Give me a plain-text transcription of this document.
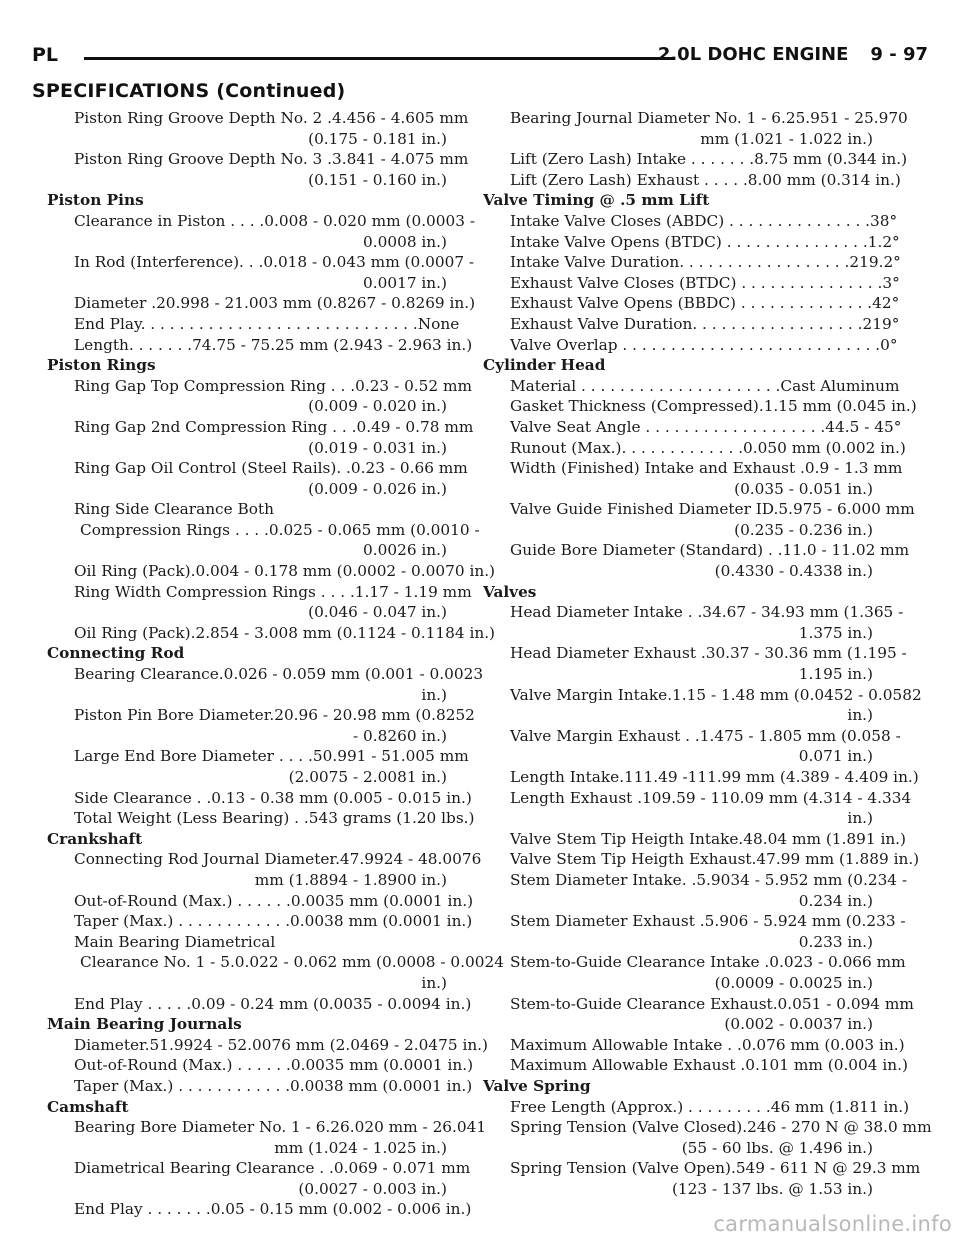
PL	2.0L DOHC ENGINE 9 - 97
SPECIFICATIONS (Continued)
Piston Ring Groove Depth No. 2 .4.456 - 4.605 mm
(0.175 - 0.181 in.)
Piston Ring Groove Depth No. 3 .3.841 - 4.075 mm
(0.151 - 0.160 in.)
Piston Pins
Clearance in Piston . . . .0.008 - 0.020 mm (0.0003 -
0.0008 in.)
In Rod (Interference). . .0.018 - 0.043 mm (0.0007 -
0.0017 in.)
Diameter .20.998 - 21.003 mm (0.8267 - 0.8269 in.)
End Play. . . . . . . . . . . . . . . . . . . . . . . . . . . . .None
Length. . . . . . .74.75 - 75.25 mm (2.943 - 2.963 in.)
Piston Rings
Ring Gap Top Compression Ring . . .0.23 - 0.52 mm
(0.009 - 0.020 in.)
Ring Gap 2nd Compression Ring . . .0.49 - 0.78 mm
(0.019 - 0.031 in.)
Ring Gap Oil Control (Steel Rails). .0.23 - 0.66 mm
(0.009 - 0.026 in.)
Ring Side Clearance Both
Compression Rings . . . .0.025 - 0.065 mm (0.0010 -
0.0026 in.)
Oil Ring (Pack).0.004 - 0.178 mm (0.0002 - 0.0070 in.)
Ring Width Compression Rings . . . .1.17 - 1.19 mm
(0.046 - 0.047 in.)
Oil Ring (Pack).2.854 - 3.008 mm (0.1124 - 0.1184 in.)
Connecting Rod
Bearing Clearance.0.026 - 0.059 mm (0.001 - 0.0023
in.)
Piston Pin Bore Diameter.20.96 - 20.98 mm (0.8252
- 0.8260 in.)
Large End Bore Diameter . . . .50.991 - 51.005 mm
(2.0075 - 2.0081 in.)
Side Clearance . .0.13 - 0.38 mm (0.005 - 0.015 in.)
Total Weight (Less Bearing) . .543 grams (1.20 lbs.)
Crankshaft
Connecting Rod Journal Diameter.47.9924 - 48.0076
mm (1.8894 - 1.8900 in.)
Out-of-Round (Max.) . . . . . .0.0035 mm (0.0001 in.)
Taper (Max.) . . . . . . . . . . . .0.0038 mm (0.0001 in.)
Main Bearing Diametrical
Clearance No. 1 - 5.0.022 - 0.062 mm (0.0008 - 0.0024
in.)
End Play . . . . .0.09 - 0.24 mm (0.0035 - 0.0094 in.)
Main Bearing Journals
Diameter.51.9924 - 52.0076 mm (2.0469 - 2.0475 in.)
Out-of-Round (Max.) . . . . . .0.0035 mm (0.0001 in.)
Taper (Max.) . . . . . . . . . . . .0.0038 mm (0.0001 in.)
Camshaft
Bearing Bore Diameter No. 1 - 6.26.020 mm - 26.041
mm (1.024 - 1.025 in.)
Diametrical Bearing Clearance . .0.069 - 0.071 mm
(0.0027 - 0.003 in.)
End Play . . . . . . .0.05 - 0.15 mm (0.002 - 0.006 in.)
Bearing Journal Diameter No. 1 - 6.25.951 - 25.970
mm (1.021 - 1.022 in.)
Lift (Zero Lash) Intake . . . . . . .8.75 mm (0.344 in.)
Lift (Zero Lash) Exhaust . . . . .8.00 mm (0.314 in.)
Valve Timing @ .5 mm Lift
Intake Valve Closes (ABDC) . . . . . . . . . . . . . . .38°
Intake Valve Opens (BTDC) . . . . . . . . . . . . . . .1.2°
Intake Valve Duration. . . . . . . . . . . . . . . . . .219.2°
Exhaust Valve Closes (BTDC) . . . . . . . . . . . . . . .3°
Exhaust Valve Opens (BBDC) . . . . . . . . . . . . . .42°
Exhaust Valve Duration. . . . . . . . . . . . . . . . . .219°
Valve Overlap . . . . . . . . . . . . . . . . . . . . . . . . . . .0°
Cylinder Head
Material . . . . . . . . . . . . . . . . . . . . .Cast Aluminum
Gasket Thickness (Compressed).1.15 mm (0.045 in.)
Valve Seat Angle . . . . . . . . . . . . . . . . . . .44.5 - 45°
Runout (Max.). . . . . . . . . . . . .0.050 mm (0.002 in.)
Width (Finished) Intake and Exhaust .0.9 - 1.3 mm
(0.035 - 0.051 in.)
Valve Guide Finished Diameter ID.5.975 - 6.000 mm
(0.235 - 0.236 in.)
Guide Bore Diameter (Standard) . .11.0 - 11.02 mm
(0.4330 - 0.4338 in.)
Valves
Head Diameter Intake . .34.67 - 34.93 mm (1.365 -
1.375 in.)
Head Diameter Exhaust .30.37 - 30.36 mm (1.195 -
1.195 in.)
Valve Margin Intake.1.15 - 1.48 mm (0.0452 - 0.0582
in.)
Valve Margin Exhaust . .1.475 - 1.805 mm (0.058 -
0.071 in.)
Length Intake.111.49 -111.99 mm (4.389 - 4.409 in.)
Length Exhaust .109.59 - 110.09 mm (4.314 - 4.334
in.)
Valve Stem Tip Heigth Intake.48.04 mm (1.891 in.)
Valve Stem Tip Heigth Exhaust.47.99 mm (1.889 in.)
Stem Diameter Intake. .5.9034 - 5.952 mm (0.234 -
0.234 in.)
Stem Diameter Exhaust .5.906 - 5.924 mm (0.233 -
0.233 in.)
Stem-to-Guide Clearance Intake .0.023 - 0.066 mm
(0.0009 - 0.0025 in.)
Stem-to-Guide Clearance Exhaust.0.051 - 0.094 mm
(0.002 - 0.0037 in.)
Maximum Allowable Intake . .0.076 mm (0.003 in.)
Maximum Allowable Exhaust .0.101 mm (0.004 in.)
Valve Spring
Free Length (Approx.) . . . . . . . . .46 mm (1.811 in.)
Spring Tension (Valve Closed).246 - 270 N @ 38.0 mm
(55 - 60 lbs. @ 1.496 in.)
Spring Tension (Valve Open).549 - 611 N @ 29.3 mm
(123 - 137 lbs. @ 1.53 in.)
carmanualsonline.info
